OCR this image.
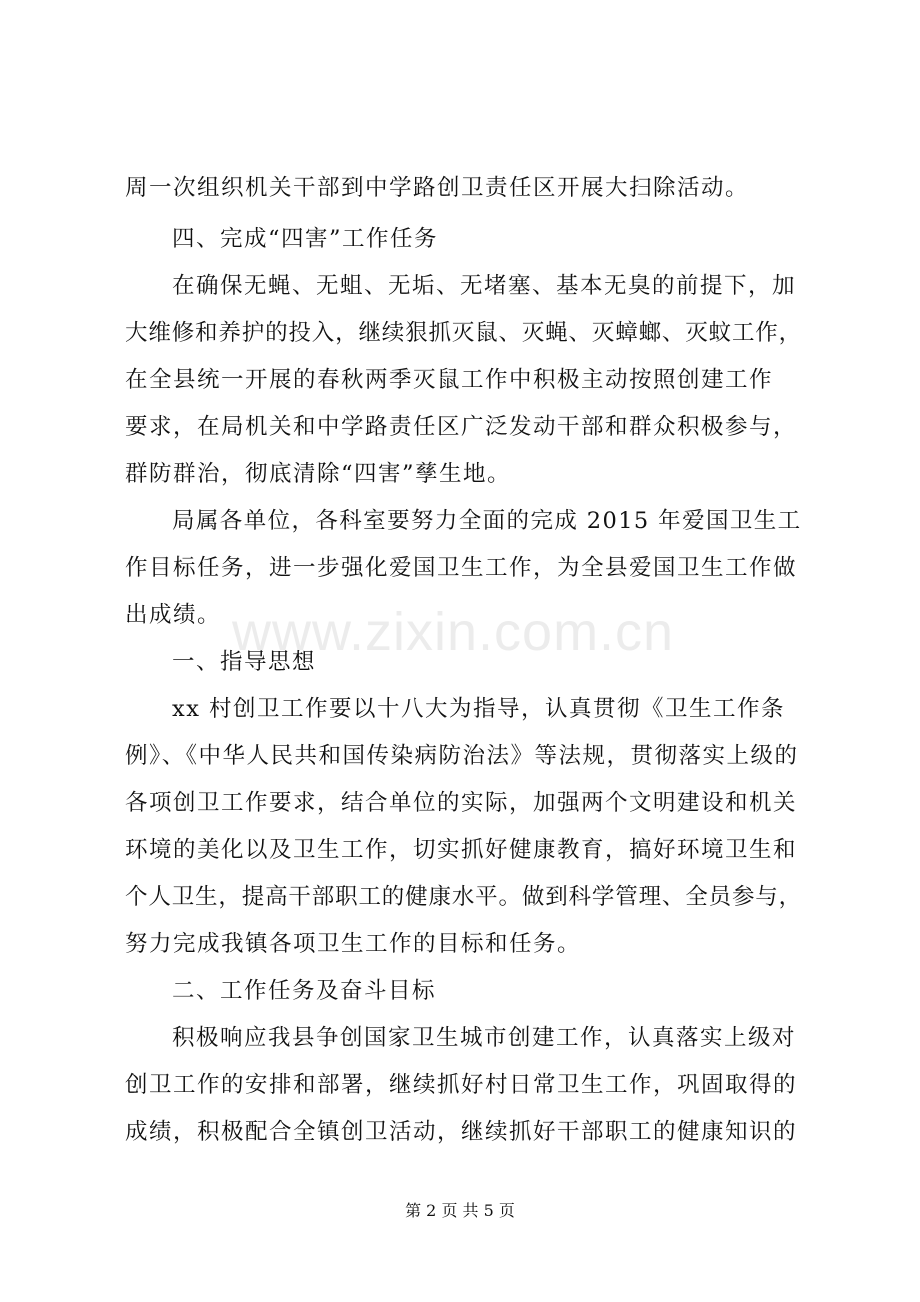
周一次组织机关干部到中学路创卫责任区开展大扫除活动。
四、完成“四害”工作任务
在确保无蝇、无蛆、无垢、无堵塞、基本无臭的前提下，加
大维修和养护的投入，继续狠抓灭鼠、灭蝇、灭蟑螂、灭蚊工作，
在全县统一开展的春秋两季灭鼠工作中积极主动按照创建工作
要求，在局机关和中学路责任区广泛发动干部和群众积极参与，
群防群治，彻底清除“四害”孳生地。
局属各单位，各科室要努力全面的完成 2015 年爱国卫生工
作目标任务，进一步强化爱国卫生工作，为全县爱国卫生工作做
出成绩。
一、指导思想
xx 村创卫工作要以十八大为指导，认真贯彻《卫生工作条
例》、《中华人民共和国传染病防治法》等法规，贯彻落实上级的
各项创卫工作要求，结合单位的实际，加强两个文明建设和机关
环境的美化以及卫生工作，切实抓好健康教育，搞好环境卫生和
个人卫生，提高干部职工的健康水平。做到科学管理、全员参与，
努力完成我镇各项卫生工作的目标和任务。
二、工作任务及奋斗目标
积极响应我县争创国家卫生城市创建工作，认真落实上级对
创卫工作的安排和部署，继续抓好村日常卫生工作，巩固取得的
成绩，积极配合全镇创卫活动，继续抓好干部职工的健康知识的
www.zixin.com.cn
第 2 页 共 5 页
